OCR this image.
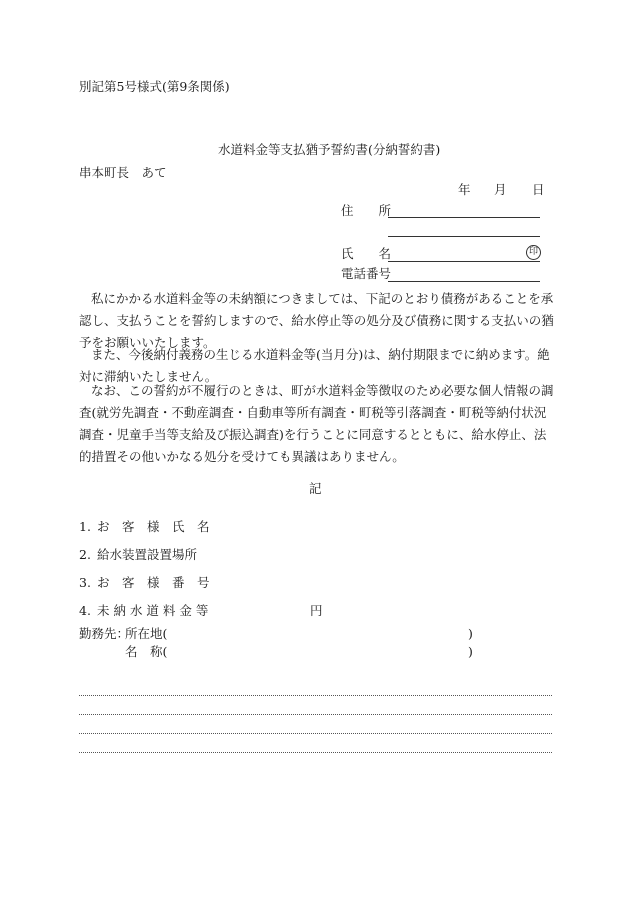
別記第5号様式(第9条関係)
水道料金等支払猶予誓約書(分納誓約書)
串本町長　あて
年 月 日
住　　所
氏　　名	印
電話番号
私にかかる水道料金等の未納額につきましては、下記のとおり債務があることを承認し、支払うことを誓約しますので、給水停止等の処分及び債務に関する支払いの猶予をお願いいたします。
また、今後納付義務の生じる水道料金等(当月分)は、納付期限までに納めます。絶対に滞納いたしません。
なお、この誓約が不履行のときは、町が水道料金等徴収のため必要な個人情報の調査(就労先調査・不動産調査・自動車等所有調査・町税等引落調査・町税等納付状況調査・児童手当等支給及び振込調査)を行うことに同意するとともに、給水停止、法的措置その他いかなる処分を受けても異議はありません。
記
1. お　客　様　氏　名
2. 給水装置設置場所
3. お　客　様　番　号
4. 未 納 水 道 料 金 等	円
勤務先：
所在地(	)
名　称(	)
